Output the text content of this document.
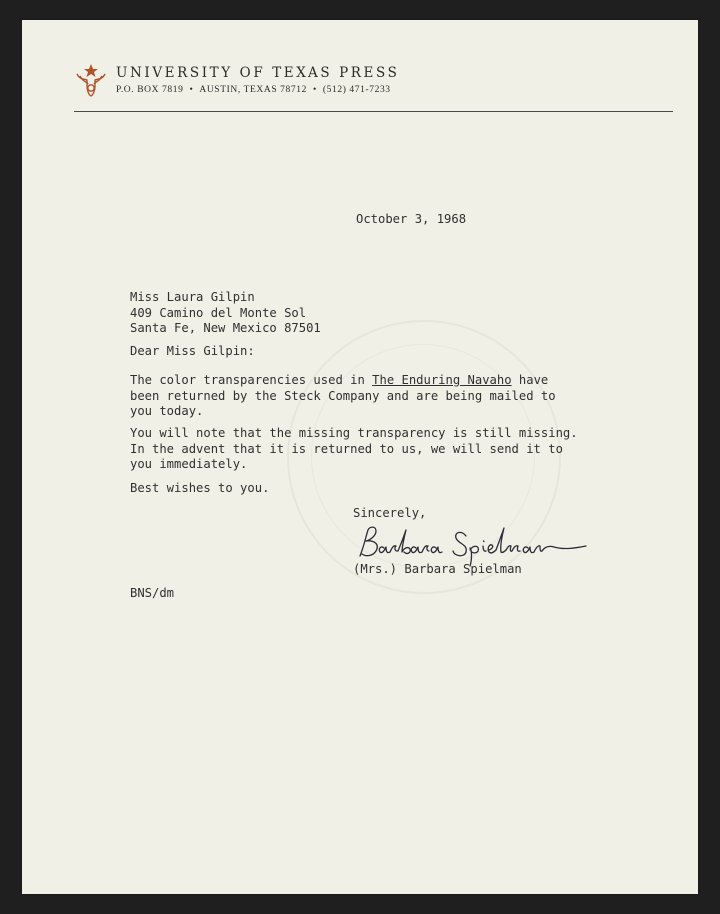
UNIVERSITY OF TEXAS PRESS
P.O. BOX 7819 • AUSTIN, TEXAS 78712 • (512) 471-7233
October 3, 1968
Miss Laura Gilpin
409 Camino del Monte Sol
Santa Fe, New Mexico 87501
Dear Miss Gilpin:
The color transparencies used in The Enduring Navaho have
been returned by the Steck Company and are being mailed to
you today.
You will note that the missing transparency is still missing.
In the advent that it is returned to us, we will send it to
you immediately.
Best wishes to you.
Sincerely,
(Mrs.) Barbara Spielman
BNS/dm
